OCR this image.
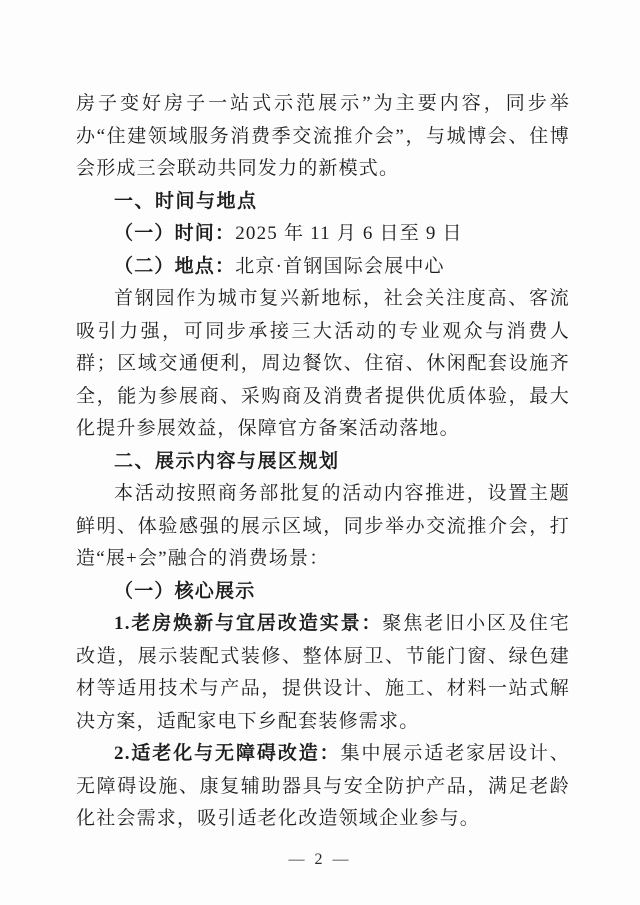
房子变好房子一站式示范展示”为主要内容，同步举办“住建领域服务消费季交流推介会”，与城博会、住博会形成三会联动共同发力的新模式。

一、时间与地点

（一）时间：2025 年 11 月 6 日至 9 日

（二）地点：北京·首钢国际会展中心

首钢园作为城市复兴新地标，社会关注度高、客流吸引力强，可同步承接三大活动的专业观众与消费人群；区域交通便利，周边餐饮、住宿、休闲配套设施齐全，能为参展商、采购商及消费者提供优质体验，最大化提升参展效益，保障官方备案活动落地。

二、展示内容与展区规划

本活动按照商务部批复的活动内容推进，设置主题鲜明、体验感强的展示区域，同步举办交流推介会，打造“展+会”融合的消费场景：

（一）核心展示

1.老房焕新与宜居改造实景：聚焦老旧小区及住宅改造，展示装配式装修、整体厨卫、节能门窗、绿色建材等适用技术与产品，提供设计、施工、材料一站式解决方案，适配家电下乡配套装修需求。

2.适老化与无障碍改造：集中展示适老家居设计、无障碍设施、康复辅助器具与安全防护产品，满足老龄化社会需求，吸引适老化改造领域企业参与。

— 2 —
